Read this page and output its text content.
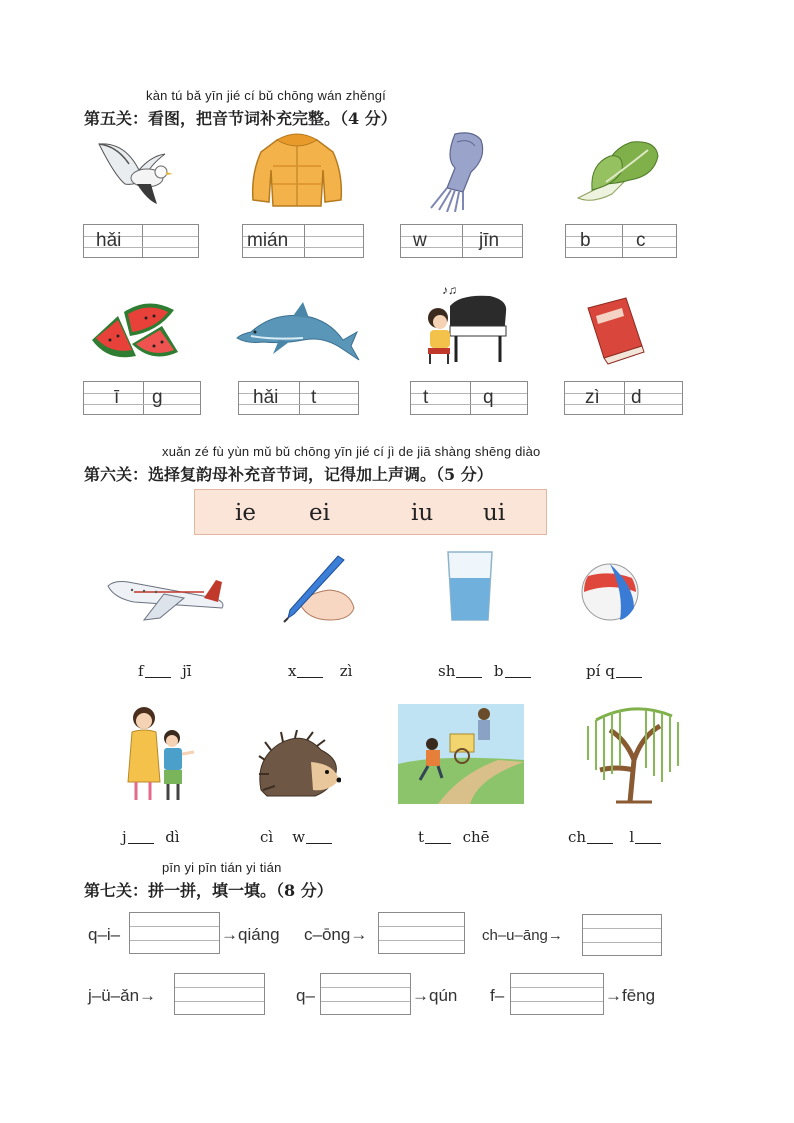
kàn tú bǎ yīn jié cí bǔ chōng wán zhěngí
第五关：看图，把音节词补充完整。（4 分）
hǎi	mián	w	jīn	b c
♪♫
ī g	hǎi t	t	q	zì d
xuǎn zé fù yùn mǔ bǔ chōng yīn jié cí jì de jiā shàng shēng diào
第六关：选择复韵母补充音节词，记得加上声调。（5 分）
ie ei	iu ui
f	jī	x	zì	sh	b	pí q
j	dì	cì w	t	chē	ch	l
pīn yi pīn tián yi tián
第七关：拼一拼，填一填。（8 分）
q–i–	→qiáng c–ōng→	ch–u–āng→
j–ü–ǎn→	q–	→qún f–	→fēng
